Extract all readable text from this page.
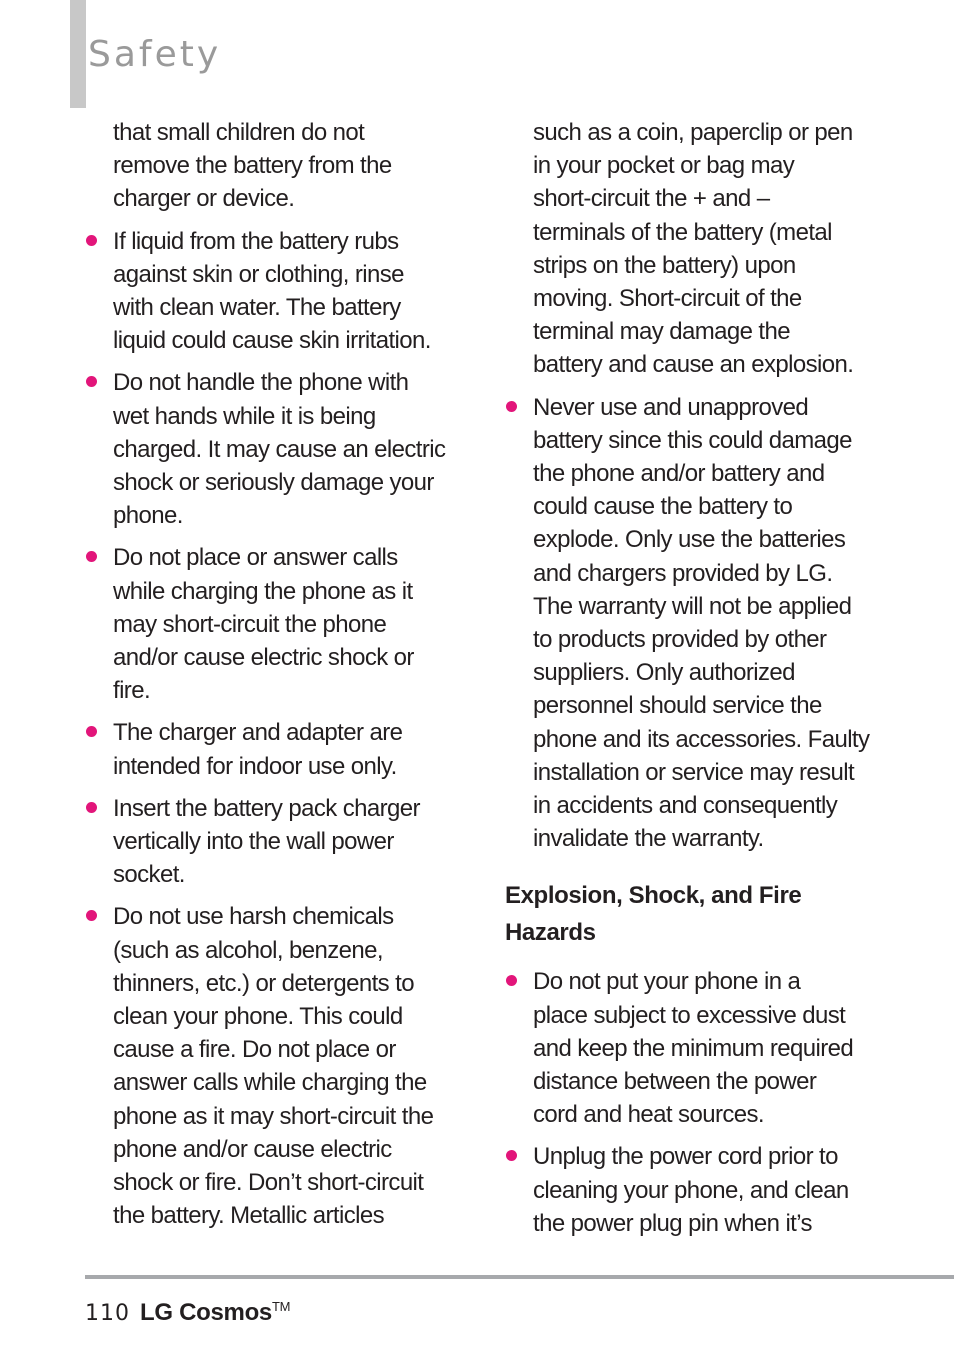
Safety

that small children do not
remove the battery from the
charger or device.

If liquid from the battery rubs
against skin or clothing, rinse
with clean water. The battery
liquid could cause skin irritation.

Do not handle the phone with
wet hands while it is being
charged. It may cause an electric
shock or seriously damage your
phone.

Do not place or answer calls
while charging the phone as it
may short-circuit the phone
and/or cause electric shock or
fire.

The charger and adapter are
intended for indoor use only.

Insert the battery pack charger
vertically into the wall power
socket.

Do not use harsh chemicals
(such as alcohol, benzene,
thinners, etc.) or detergents to
clean your phone. This could
cause a fire. Do not place or
answer calls while charging the
phone as it may short-circuit the
phone and/or cause electric
shock or fire. Don’t short-circuit
the battery. Metallic articles

such as a coin, paperclip or pen
in your pocket or bag may
short-circuit the + and –
terminals of the battery (metal
strips on the battery) upon
moving. Short-circuit of the
terminal may damage the
battery and cause an explosion.

Never use and unapproved
battery since this could damage
the phone and/or battery and
could cause the battery to
explode. Only use the batteries
and chargers provided by LG.
The warranty will not be applied
to products provided by other
suppliers. Only authorized
personnel should service the
phone and its accessories. Faulty
installation or service may result
in accidents and consequently
invalidate the warranty.

Explosion, Shock, and Fire
Hazards

Do not put your phone in a
place subject to excessive dust
and keep the minimum required
distance between the power
cord and heat sources.

Unplug the power cord prior to
cleaning your phone, and clean
the power plug pin when it’s

110 LG Cosmos™
